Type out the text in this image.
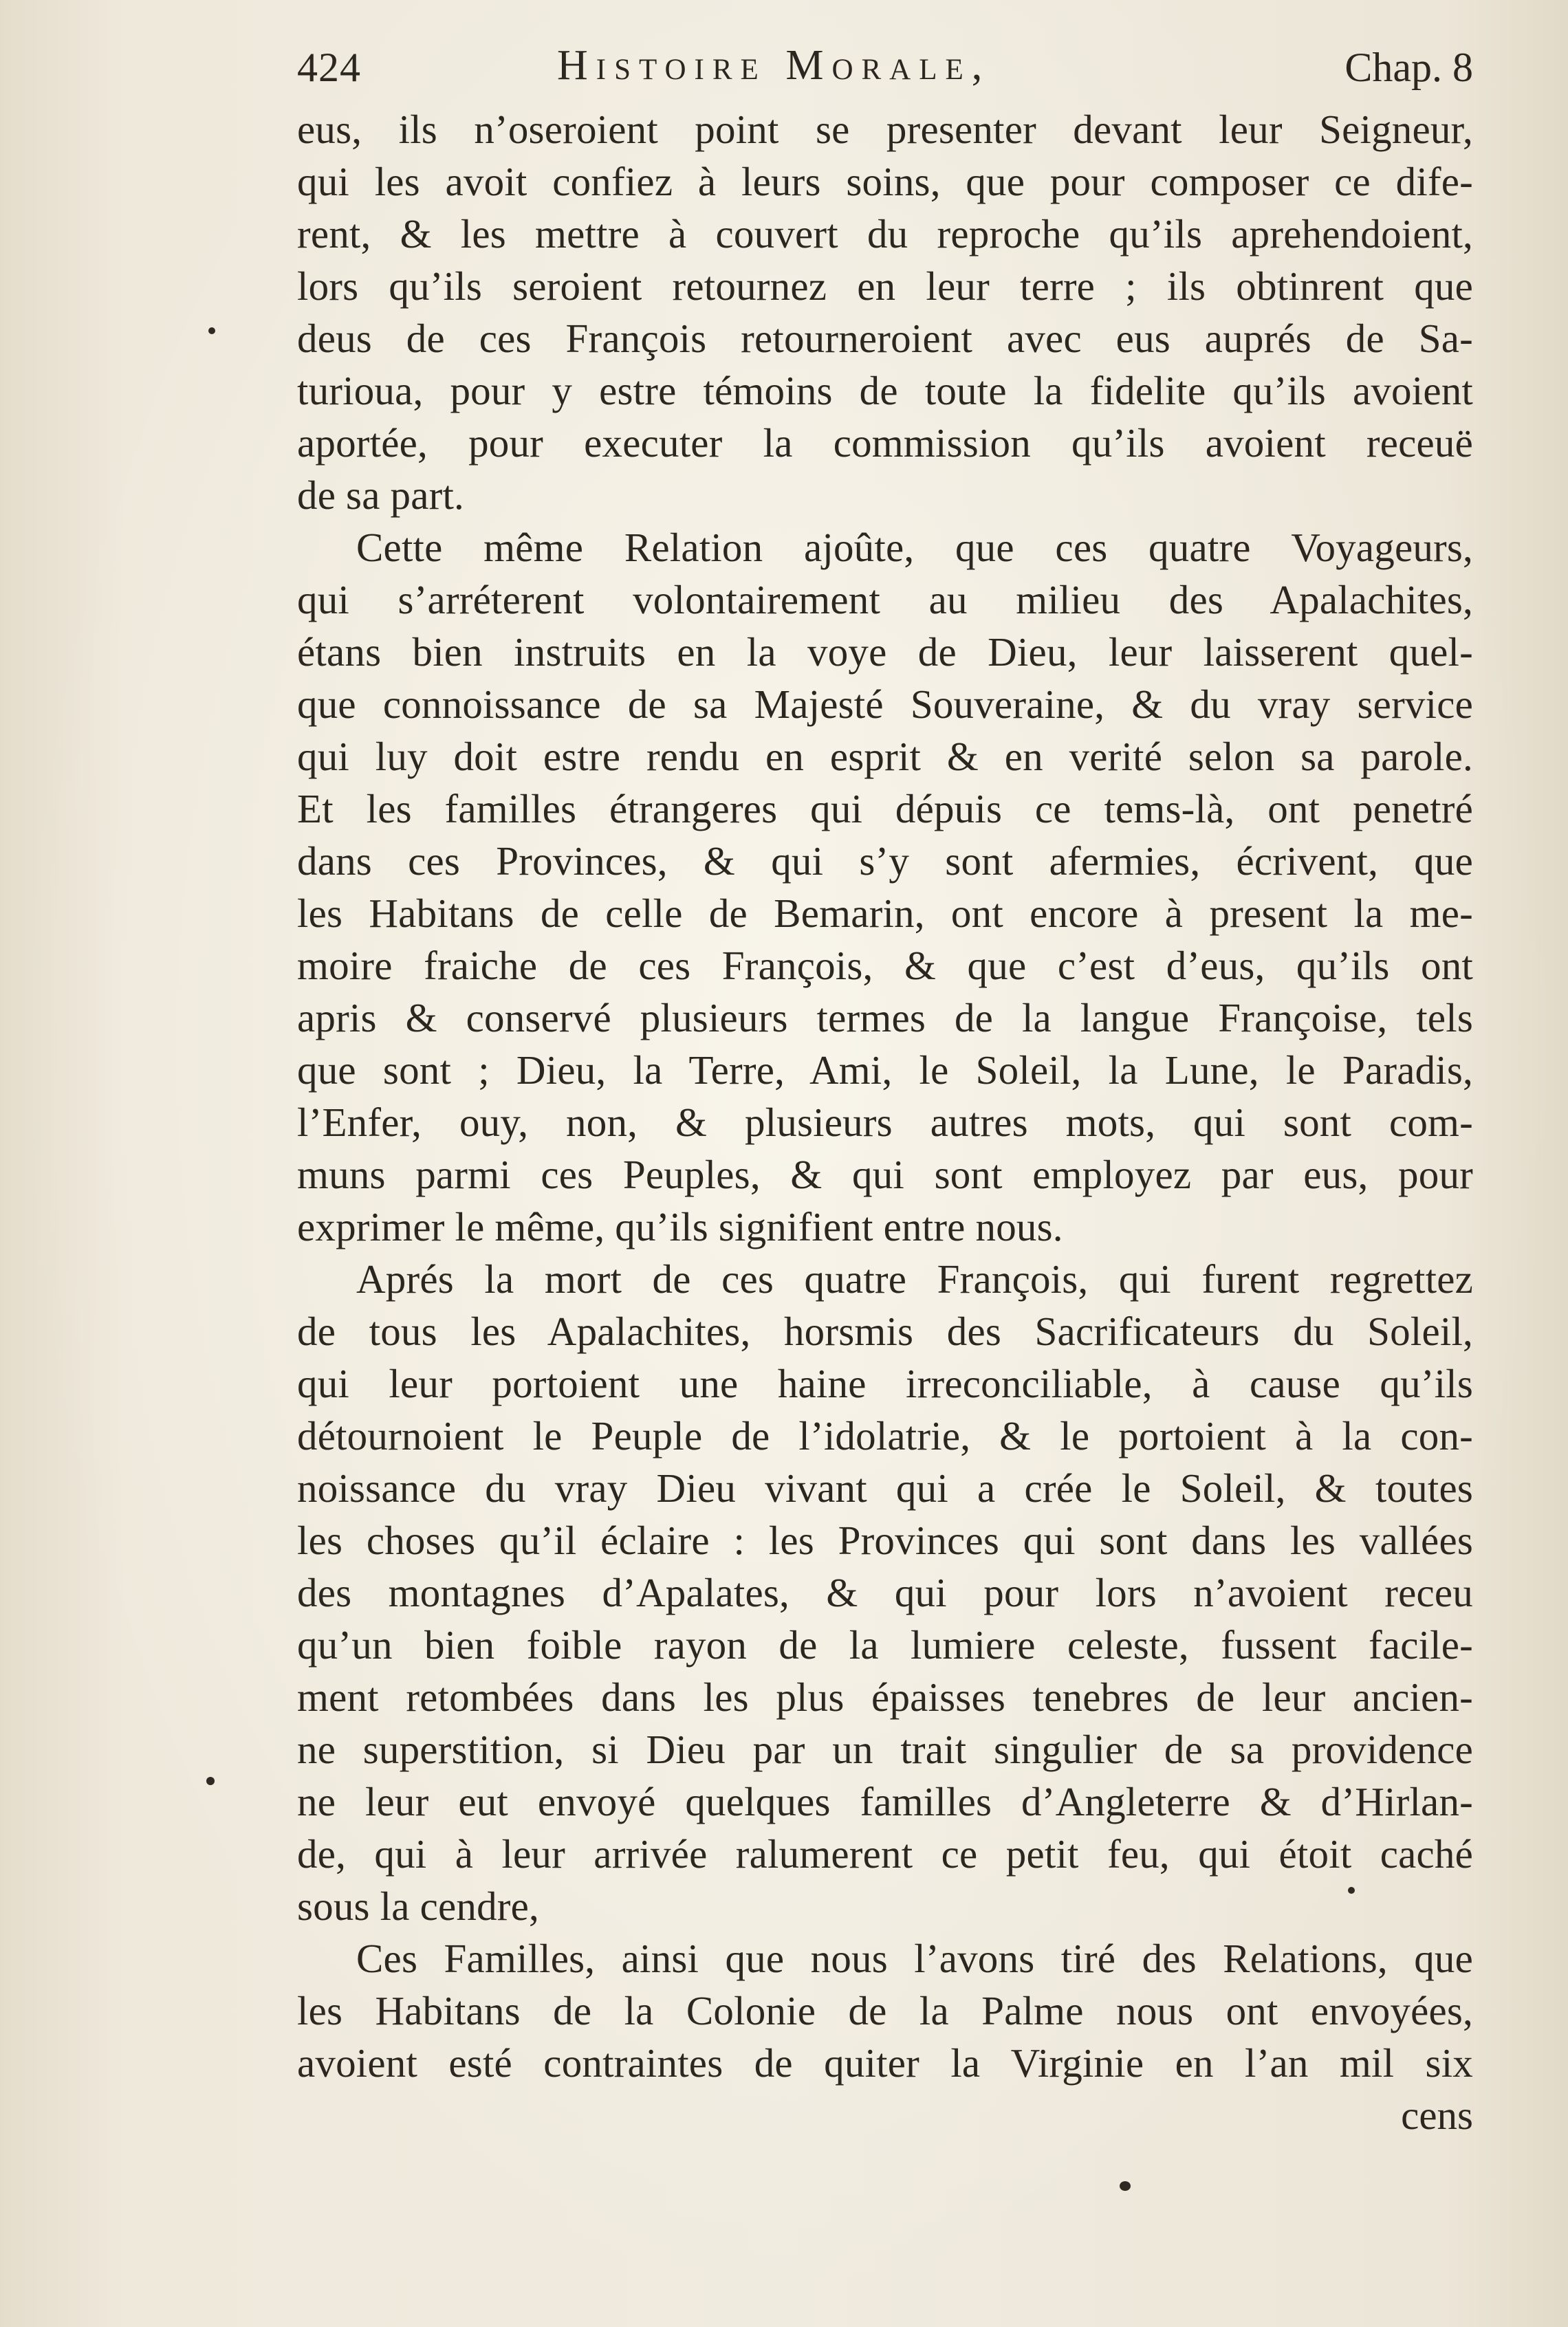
424	Histoire Morale,	Chap. 8
eus, ils n’oseroient point se presenter devant leur Seigneur,
qui les avoit confiez à leurs soins, que pour composer ce dife-
rent, & les mettre à couvert du reproche qu’ils aprehendoient,
lors qu’ils seroient retournez en leur terre ; ils obtinrent que
deus de ces François retourneroient avec eus auprés de Sa-
turioua, pour y estre témoins de toute la fidelite qu’ils avoient
aportée, pour executer la commission qu’ils avoient receuë
de sa part.
Cette même Relation ajoûte, que ces quatre Voyageurs,
qui s’arréterent volontairement au milieu des Apalachites,
étans bien instruits en la voye de Dieu, leur laisserent quel-
que connoissance de sa Majesté Souveraine, & du vray service
qui luy doit estre rendu en esprit & en verité selon sa parole.
Et les familles étrangeres qui dépuis ce tems-là, ont penetré
dans ces Provinces, & qui s’y sont afermies, écrivent, que
les Habitans de celle de Bemarin, ont encore à present la me-
moire fraiche de ces François, & que c’est d’eus, qu’ils ont
apris & conservé plusieurs termes de la langue Françoise, tels
que sont ; Dieu, la Terre, Ami, le Soleil, la Lune, le Paradis,
l’Enfer, ouy, non, & plusieurs autres mots, qui sont com-
muns parmi ces Peuples, & qui sont employez par eus, pour
exprimer le même, qu’ils signifient entre nous.
Aprés la mort de ces quatre François, qui furent regrettez
de tous les Apalachites, horsmis des Sacrificateurs du Soleil,
qui leur portoient une haine irreconciliable, à cause qu’ils
détournoient le Peuple de l’idolatrie, & le portoient à la con-
noissance du vray Dieu vivant qui a crée le Soleil, & toutes
les choses qu’il éclaire : les Provinces qui sont dans les vallées
des montagnes d’Apalates, & qui pour lors n’avoient receu
qu’un bien foible rayon de la lumiere celeste, fussent facile-
ment retombées dans les plus épaisses tenebres de leur ancien-
ne superstition, si Dieu par un trait singulier de sa providence
ne leur eut envoyé quelques familles d’Angleterre & d’Hirlan-
de, qui à leur arrivée ralumerent ce petit feu, qui étoit caché
sous la cendre,
Ces Familles, ainsi que nous l’avons tiré des Relations, que
les Habitans de la Colonie de la Palme nous ont envoyées,
avoient esté contraintes de quiter la Virginie en l’an mil six
cens
